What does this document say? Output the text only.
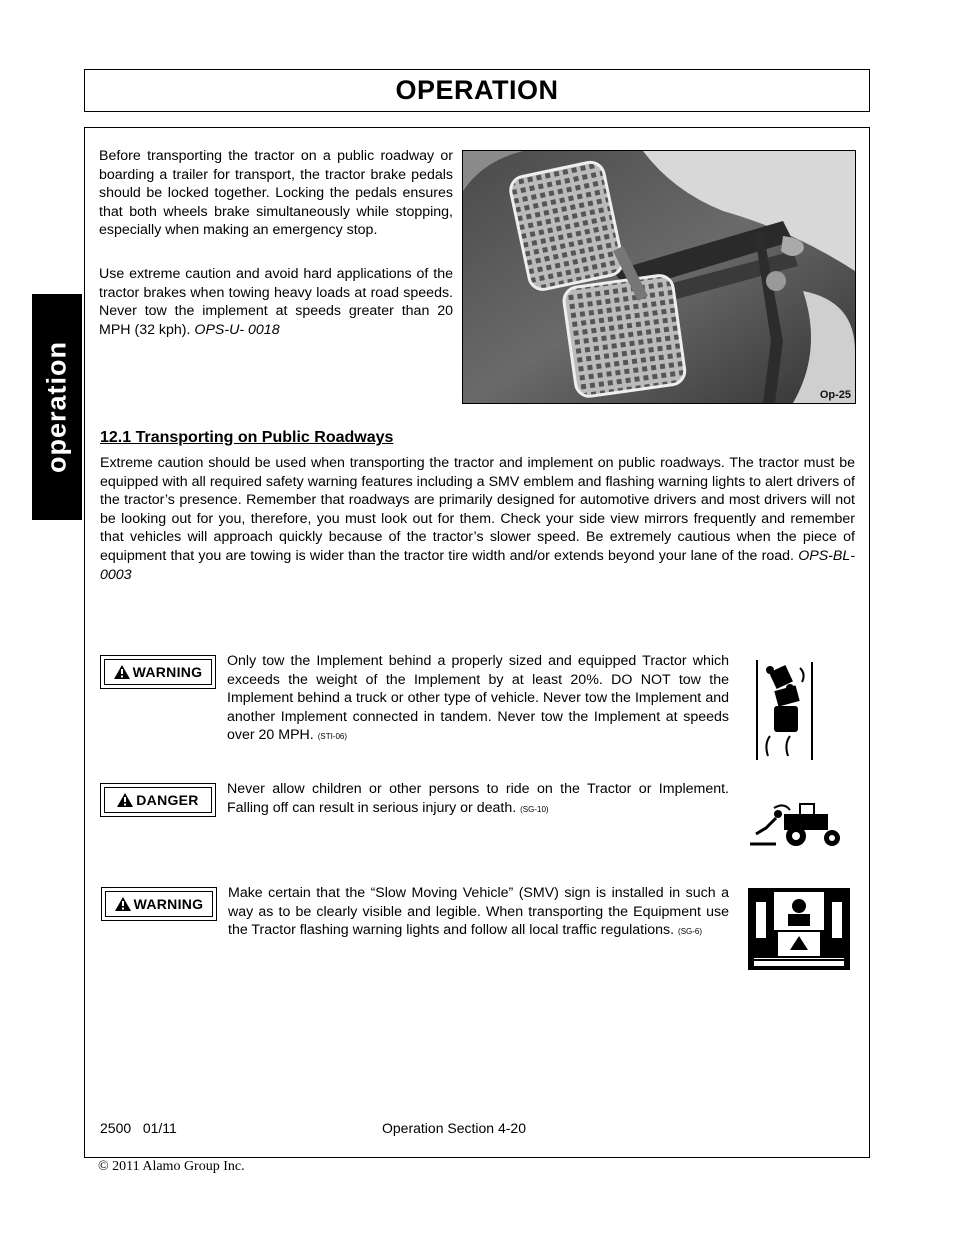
OPERATION
operation

Before transporting the tractor on a public roadway or boarding a trailer for transport, the tractor brake pedals should be locked together. Locking the pedals ensures that both wheels brake simultaneously while stopping, especially when making an emergency stop.

Use extreme caution and avoid hard applications of the tractor brakes when towing heavy loads at road speeds. Never tow the implement at speeds greater than 20 MPH (32 kph). OPS-U- 0018

Op-25
12.1 Transporting on Public Roadways

Extreme caution should be used when transporting the tractor and implement on public roadways. The tractor must be equipped with all required safety warning features including a SMV emblem and flashing warning lights to alert drivers of the tractor’s presence. Remember that roadways are primarily designed for automotive drivers and most drivers will not be looking out for you, therefore, you must look out for them. Check your side view mirrors frequently and remember that vehicles will approach quickly because of the tractor’s slower speed. Be extremely cautious when the piece of equipment that you are towing is wider than the tractor tire width and/or extends beyond your lane of the road. OPS-BL-0003

WARNING

Only tow the Implement behind a properly sized and equipped Tractor which exceeds the weight of the Implement by at least 20%. DO NOT tow the Implement behind a truck or other type of vehicle. Never tow the Implement and another Implement connected in tandem. Never tow the Implement at speeds over 20 MPH. (STI-06)

DANGER

Never allow children or other persons to ride on the Tractor or Implement. Falling off can result in serious injury or death. (SG-10)

WARNING

Make certain that the “Slow Moving Vehicle” (SMV) sign is installed in such a way as to be clearly visible and legible. When transporting the Equipment use the Tractor flashing warning lights and follow all local traffic regulations. (SG-6)

2500   01/11	Operation Section 4-20
© 2011 Alamo Group Inc.
